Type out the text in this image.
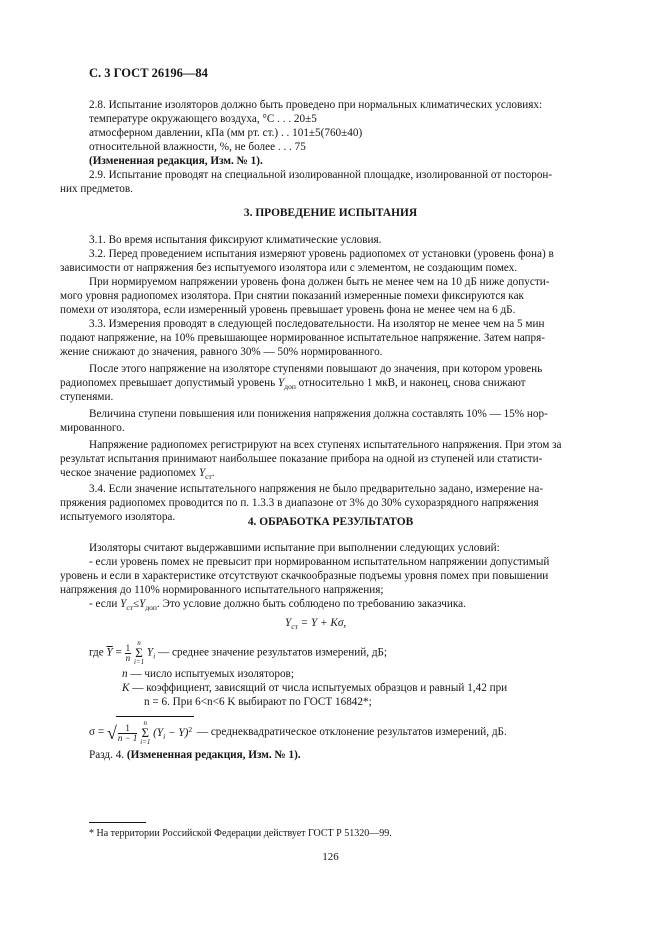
С. 3 ГОСТ 26196—84
2.8. Испытание изоляторов должно быть проведено при нормальных климатических условиях:
температуре окружающего воздуха, °С . . . 20±5
атмосферном давлении, кПа (мм рт. ст.) . . 101±5(760±40)
относительной влажности, %, не более . . . 75
(Измененная редакция, Изм. № 1).
2.9. Испытание проводят на специальной изолированной площадке, изолированной от посторон-
них предметов.
3. ПРОВЕДЕНИЕ ИСПЫТАНИЯ
3.1. Во время испытания фиксируют климатические условия.
3.2. Перед проведением испытания измеряют уровень радиопомех от установки (уровень фона) в
зависимости от напряжения без испытуемого изолятора или с элементом, не создающим помех.
При нормируемом напряжении уровень фона должен быть не менее чем на 10 дБ ниже допусти-
мого уровня радиопомех изолятора. При снятии показаний измеренные помехи фиксируются как
помехи от изолятора, если измеренный уровень превышает уровень фона не менее чем на 6 дБ.
3.3. Измерения проводят в следующей последовательности. На изолятор не менее чем на 5 мин
подают напряжение, на 10% превышающее нормированное испытательное напряжение. Затем напря-
жение снижают до значения, равного 30% — 50% нормированного.
После этого напряжение на изоляторе ступенями повышают до значения, при котором уровень
радиопомех превышает допустимый уровень $Y_{доп}$ относительно 1 мкВ, и наконец, снова снижают
ступенями.
Величина ступени повышения или понижения напряжения должна составлять 10% — 15% нор-
мированного.
Напряжение радиопомех регистрируют на всех ступенях испытательного напряжения. При этом за
результат испытания принимают наибольшее показание прибора на одной из ступеней или статисти-
ческое значение радиопомех $Y_{ст}$.
3.4. Если значение испытательного напряжения не было предварительно задано, измерение на-
пряжения радиопомех проводится по п. 1.3.3 в диапазоне от 3% до 30% сухоразрядного напряжения
испытуемого изолятора.	4. ОБРАБОТКА РЕЗУЛЬТАТОВ
Изоляторы считают выдержавшими испытание при выполнении следующих условий:
- если уровень помех не превысит при нормированном испытательном напряжении допустимый
уровень и если в характеристике отсутствуют скачкообразные подъемы уровня помех при повышении
напряжения до 110% нормированного испытательного напряжения;
- если $Y_{ст}\le Y_{доп}$. Это условие должно быть соблюдено по требованию заказчика.
$Y_{ст} = Y + K\sigma$,
где $\overline{Y} = \frac{1}{n}$
n
Σ
i=1 $Y_i$ — среднее значение результатов измерений, дБ;
n — число испытуемых изоляторов;
K — коэффициент, зависящий от числа испытуемых образцов и равный 1,42 при
n = 6. При 6<n<6 K выбирают по ГОСТ 16842*;
σ = √ $\frac{1}{n - 1}$
n
Σ
i=1 $(Y_i - Y)^2$ — среднеквадратическое отклонение результатов измерений, дБ.
Разд. 4. (Измененная редакция, Изм. № 1).
* На территории Российской Федерации действует ГОСТ Р 51320—99.
126
